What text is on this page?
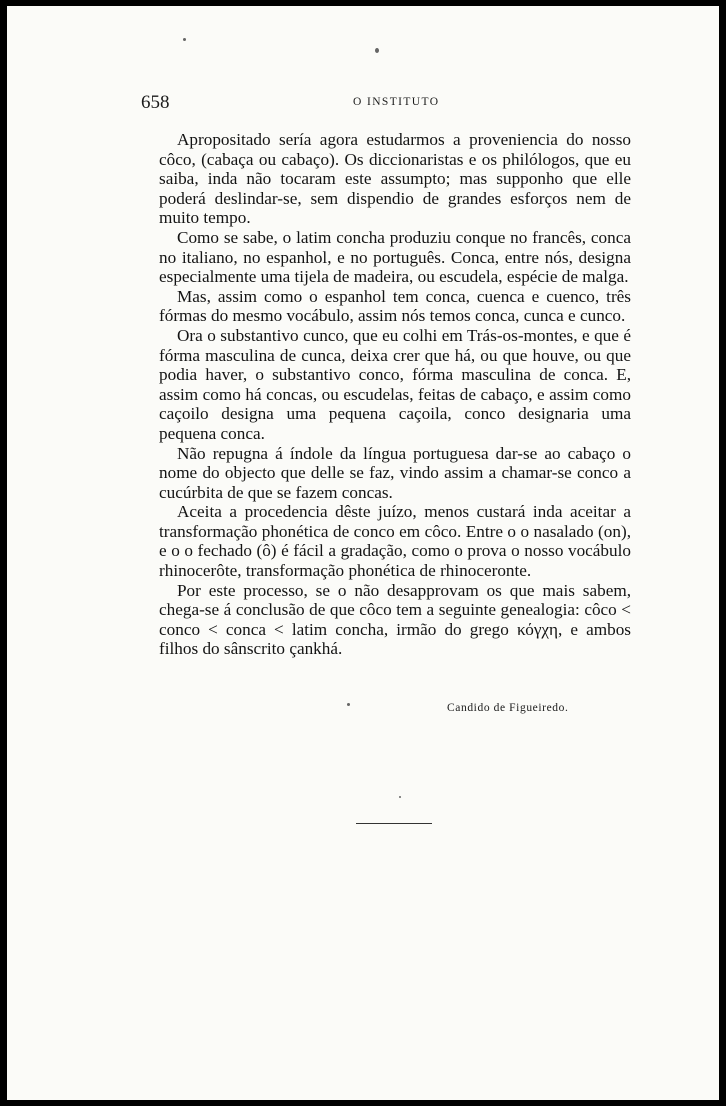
658	O INSTITUTO

Apropositado sería agora estudarmos a proveniencia do nosso côco, (cabaça ou cabaço). Os diccionaristas e os philólogos, que eu saiba, inda não tocaram este assumpto; mas supponho que elle poderá deslindar-se, sem dispendio de grandes esforços nem de muito tempo.

Como se sabe, o latim concha produziu conque no francês, conca no italiano, no espanhol, e no português. Conca, entre nós, designa especialmente uma tijela de madeira, ou escudela, espécie de malga.

Mas, assim como o espanhol tem conca, cuenca e cuenco, três fórmas do mesmo vocábulo, assim nós temos conca, cunca e cunco.

Ora o substantivo cunco, que eu colhi em Trás-os-montes, e que é fórma masculina de cunca, deixa crer que há, ou que houve, ou que podia haver, o substantivo conco, fórma masculina de conca. E, assim como há concas, ou escudelas, feitas de cabaço, e assim como caçoilo designa uma pequena caçoila, conco designaria uma pequena conca.

Não repugna á índole da língua portuguesa dar-se ao cabaço o nome do objecto que delle se faz, vindo assim a chamar-se conco a cucúrbita de que se fazem concas.

Aceita a procedencia dêste juízo, menos custará inda aceitar a transformação phonética de conco em côco. Entre o o nasalado (on), e o o fechado (ô) é fácil a gradação, como o prova o nosso vocábulo rhinocerôte, transformação phonética de rhinoceronte.

Por este processo, se o não desapprovam os que mais sabem, chega-se á conclusão de que côco tem a seguinte genealogia: côco < conco < conca < latim concha, irmão do grego κόγχη, e ambos filhos do sânscrito çankhá.

Candido de Figueiredo.
